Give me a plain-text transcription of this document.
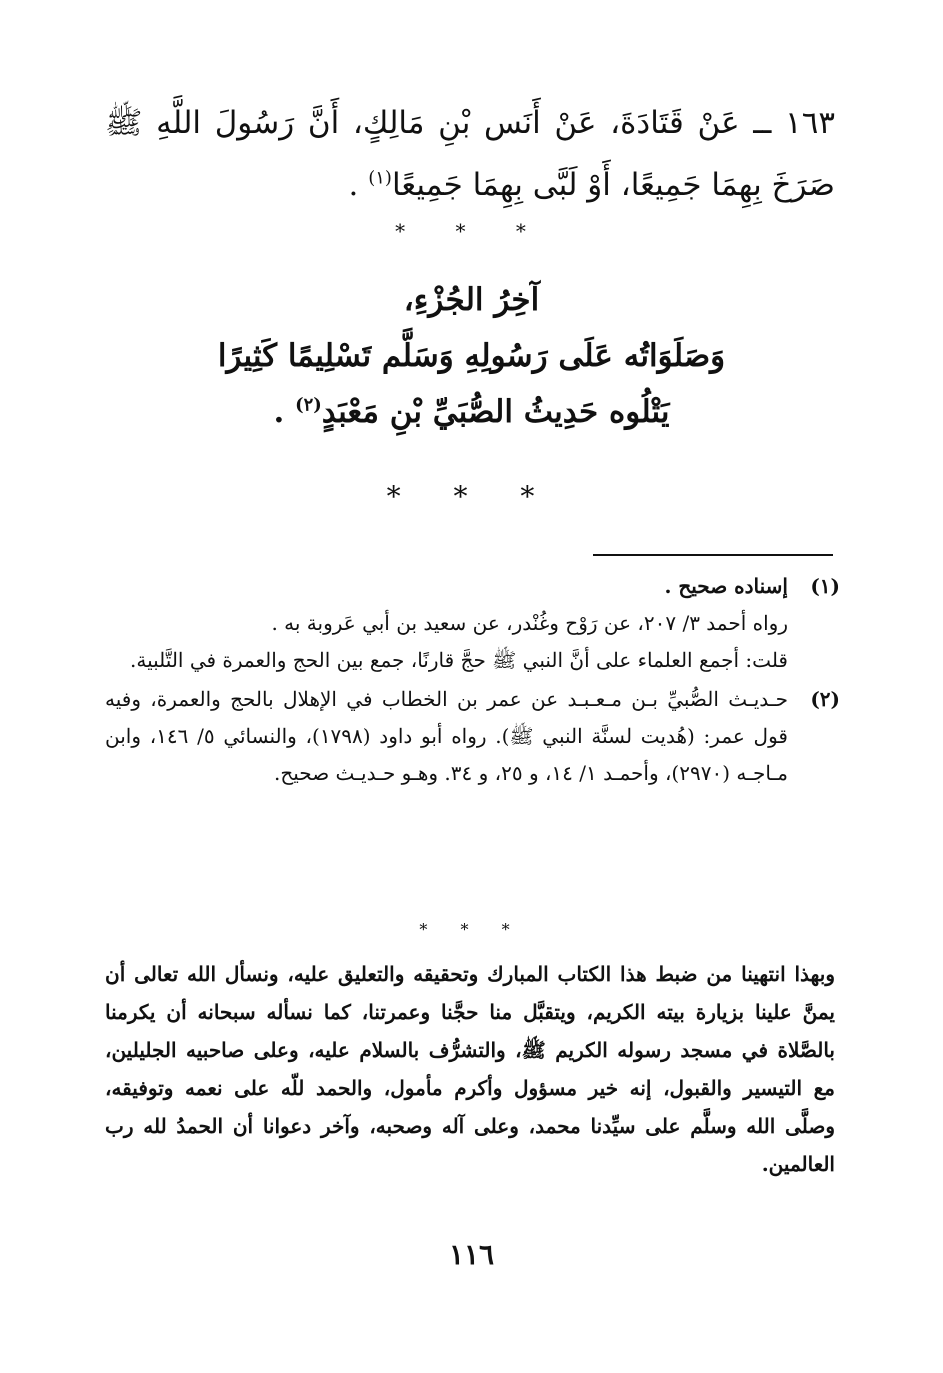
١٦٣ ــ عَنْ قَتَادَةَ، عَنْ أَنَس بْنِ مَالِكٍ، أَنَّ رَسُولَ اللَّهِ ﷺ صَرَخَ بِهِمَا جَمِيعًا، أَوْ لَبَّى بِهِمَا جَمِيعًا$^{(١)}$ .
* * *
آخِرُ الجُزْءِ،
وَصَلَوَاتُه عَلَى رَسُولِهِ وَسَلَّم تَسْلِيمًا كَثِيرًا
يَتْلُوه حَدِيثُ الصُّبَيِّ بْنِ مَعْبَدٍ$^{(٢)}$ .
* * *
(١)

إسناده صحيح .

رواه أحمد ٣/ ٢٠٧، عن رَوْح وغُنْدر، عن سعيد بن أبي عَروبة به .

قلت: أجمع العلماء على أنَّ النبي ﷺ حجَّ قارنًا، جمع بين الحج والعمرة في التَّلبية.

(٢)

حـديـث الصُّبيِّ بـن مـعـبـد عن عمر بن الخطاب في الإهلال بالحج والعمرة، وفيه قول عمر: (هُديت لسنَّة النبي ﷺ). رواه أبو داود (١٧٩٨)، والنسائي ٥/ ١٤٦، وابن مـاجـه (٢٩٧٠)، وأحمـد ١/ ١٤، و ٢٥، و ٣٤. وهـو حـديـث صحيح.

* * *
وبهذا انتهينا من ضبط هذا الكتاب المبارك وتحقيقه والتعليق عليه، ونسأل الله تعالى أن يمنَّ علينا بزيارة بيته الكريم، ويتقبَّل منا حجَّنا وعمرتنا، كما نسأله سبحانه أن يكرمنا بالصَّلاة في مسجد رسوله الكريم ﷺ، والتشرُّف بالسلام عليه، وعلى صاحبيه الجليلين، مع التيسير والقبول، إنه خير مسؤول وأكرم مأمول، والحمد للّه على نعمه وتوفيقه، وصلَّى الله وسلَّم على سيِّدنا محمد، وعلى آله وصحبه، وآخر دعوانا أن الحمدُ لله رب العالمين.
١١٦
